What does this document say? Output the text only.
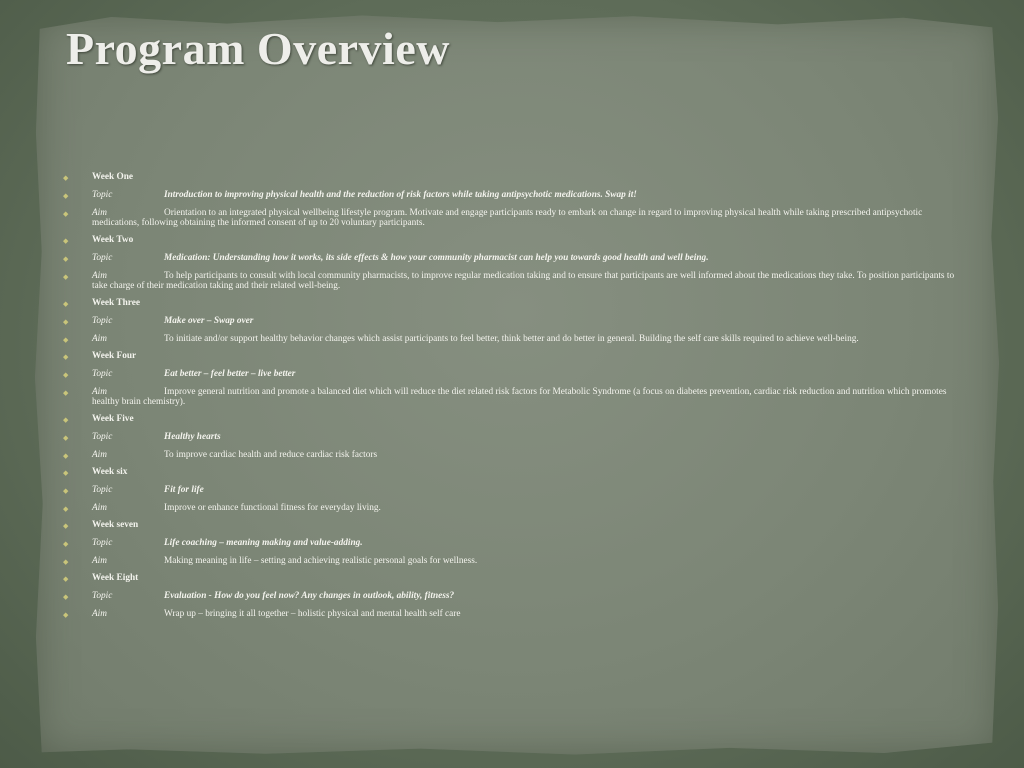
Program Overview
◆	Week One
◆	Topic	Introduction to improving physical health and the reduction of risk factors while taking antipsychotic medications. Swap it!
◆	Aim	Orientation to an integrated physical wellbeing lifestyle program. Motivate and engage participants ready to embark on change in regard to improving physical health while taking prescribed antipsychotic medications, following obtaining the informed consent of up to 20 voluntary participants.
◆	Week Two
◆	Topic	Medication: Understanding how it works, its side effects & how your community pharmacist can help you towards good health and well being.
◆	Aim	To help participants to consult with local community pharmacists, to improve regular medication taking and to ensure that participants are well informed about the medications they take. To position participants to take charge of their medication taking and their related well-being.
◆	Week Three
◆	Topic	Make over – Swap over
◆	Aim	To initiate and/or support healthy behavior changes which assist participants to feel better, think better and do better in general. Building the self care skills required to achieve well-being.
◆	Week Four
◆	Topic	Eat better – feel better – live better
◆	Aim	Improve general nutrition and promote a balanced diet which will reduce the diet related risk factors for Metabolic Syndrome (a focus on diabetes prevention, cardiac risk reduction and nutrition which promotes healthy brain chemistry).
◆	Week Five
◆	Topic	Healthy hearts
◆	Aim	To improve cardiac health and reduce cardiac risk factors
◆	Week six
◆	Topic	Fit for life
◆	Aim	Improve or enhance functional fitness for everyday living.
◆	Week seven
◆	Topic	Life coaching – meaning making and value-adding.
◆	Aim	Making meaning in life – setting and achieving realistic personal goals for wellness.
◆	Week Eight
◆	Topic	Evaluation - How do you feel now? Any changes in outlook, ability, fitness?
◆	Aim	Wrap up – bringing it all together – holistic physical and mental health self care
